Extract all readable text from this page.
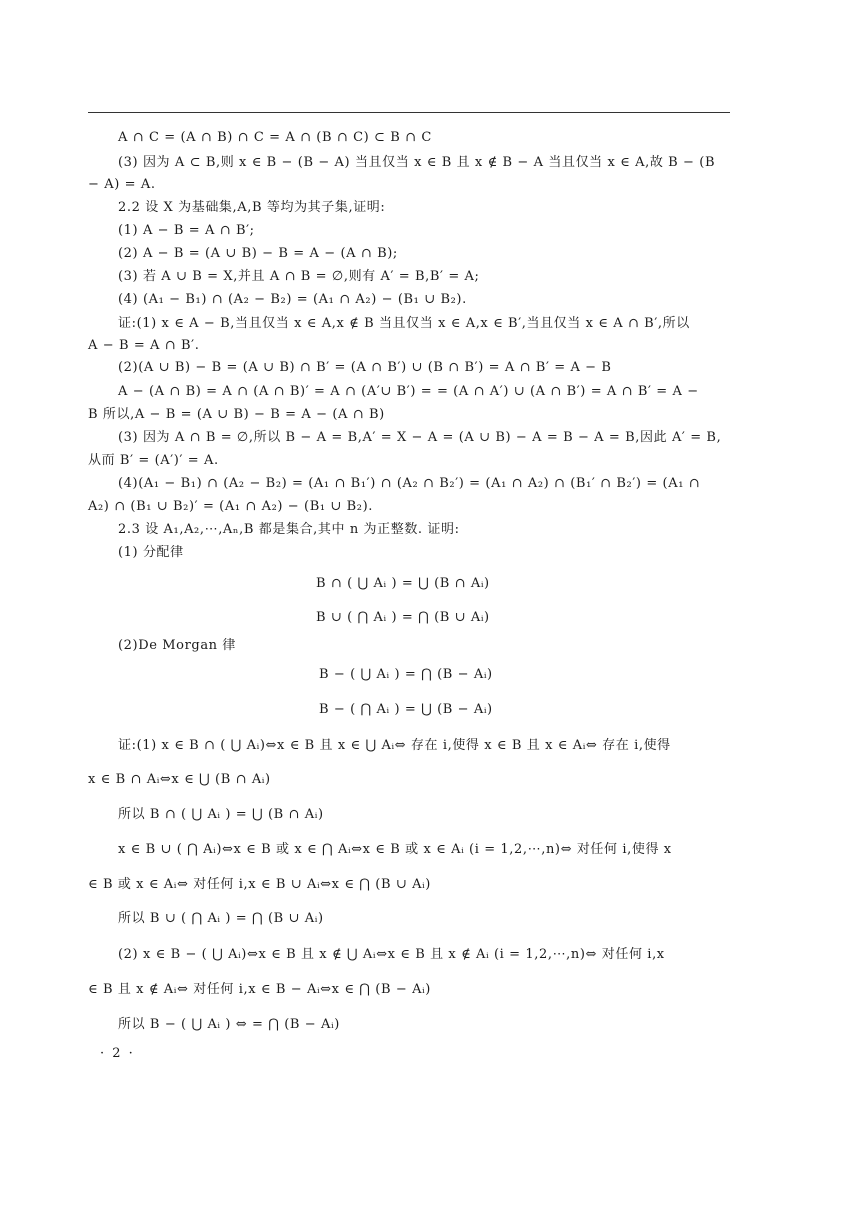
A ∩ C = (A ∩ B) ∩ C = A ∩ (B ∩ C) ⊂ B ∩ C
(3) 因为 A ⊂ B,则 x ∈ B − (B − A) 当且仅当 x ∈ B 且 x ∉ B − A 当且仅当 x ∈ A,故 B − (B
− A) = A.
2.2 设 X 为基础集,A,B 等均为其子集,证明:
(1) A − B = A ∩ B′;
(2) A − B = (A ∪ B) − B = A − (A ∩ B);
(3) 若 A ∪ B = X,并且 A ∩ B = ∅,则有 A′ = B,B′ = A;
(4) (A₁ − B₁) ∩ (A₂ − B₂) = (A₁ ∩ A₂) − (B₁ ∪ B₂).
证:(1) x ∈ A − B,当且仅当 x ∈ A,x ∉ B 当且仅当 x ∈ A,x ∈ B′,当且仅当 x ∈ A ∩ B′,所以
A − B = A ∩ B′.
(2)(A ∪ B) − B = (A ∪ B) ∩ B′ = (A ∩ B′) ∪ (B ∩ B′) = A ∩ B′ = A − B
A − (A ∩ B) = A ∩ (A ∩ B)′ = A ∩ (A′∪ B′) = = (A ∩ A′) ∪ (A ∩ B′) = A ∩ B′ = A −
B 所以,A − B = (A ∪ B) − B = A − (A ∩ B)
(3) 因为 A ∩ B = ∅,所以 B − A = B,A′ = X − A = (A ∪ B) − A = B − A = B,因此 A′ = B,
从而 B′ = (A′)′ = A.
(4)(A₁ − B₁) ∩ (A₂ − B₂) = (A₁ ∩ B₁′) ∩ (A₂ ∩ B₂′) = (A₁ ∩ A₂) ∩ (B₁′ ∩ B₂′) = (A₁ ∩
A₂) ∩ (B₁ ∪ B₂)′ = (A₁ ∩ A₂) − (B₁ ∪ B₂).
2.3 设 A₁,A₂,⋯,Aₙ,B 都是集合,其中 n 为正整数. 证明:
(1) 分配律
B ∩ ( ⋃ Aᵢ ) = ⋃ (B ∩ Aᵢ)
B ∪ ( ⋂ Aᵢ ) = ⋂ (B ∪ Aᵢ)
(2)De Morgan 律
B − ( ⋃ Aᵢ ) = ⋂ (B − Aᵢ)
B − ( ⋂ Aᵢ ) = ⋃ (B − Aᵢ)
证:(1) x ∈ B ∩ ( ⋃ Aᵢ)⇔x ∈ B 且 x ∈ ⋃ Aᵢ⇔ 存在 i,使得 x ∈ B 且 x ∈ Aᵢ⇔ 存在 i,使得
x ∈ B ∩ Aᵢ⇔x ∈ ⋃ (B ∩ Aᵢ)
所以 B ∩ ( ⋃ Aᵢ ) = ⋃ (B ∩ Aᵢ)
x ∈ B ∪ ( ⋂ Aᵢ)⇔x ∈ B 或 x ∈ ⋂ Aᵢ⇔x ∈ B 或 x ∈ Aᵢ (i = 1,2,⋯,n)⇔ 对任何 i,使得 x
∈ B 或 x ∈ Aᵢ⇔ 对任何 i,x ∈ B ∪ Aᵢ⇔x ∈ ⋂ (B ∪ Aᵢ)
所以 B ∪ ( ⋂ Aᵢ ) = ⋂ (B ∪ Aᵢ)
(2) x ∈ B − ( ⋃ Aᵢ)⇔x ∈ B 且 x ∉ ⋃ Aᵢ⇔x ∈ B 且 x ∉ Aᵢ (i = 1,2,⋯,n)⇔ 对任何 i,x
∈ B 且 x ∉ Aᵢ⇔ 对任何 i,x ∈ B − Aᵢ⇔x ∈ ⋂ (B − Aᵢ)
所以 B − ( ⋃ Aᵢ ) ⇔ = ⋂ (B − Aᵢ)
· 2 ·
